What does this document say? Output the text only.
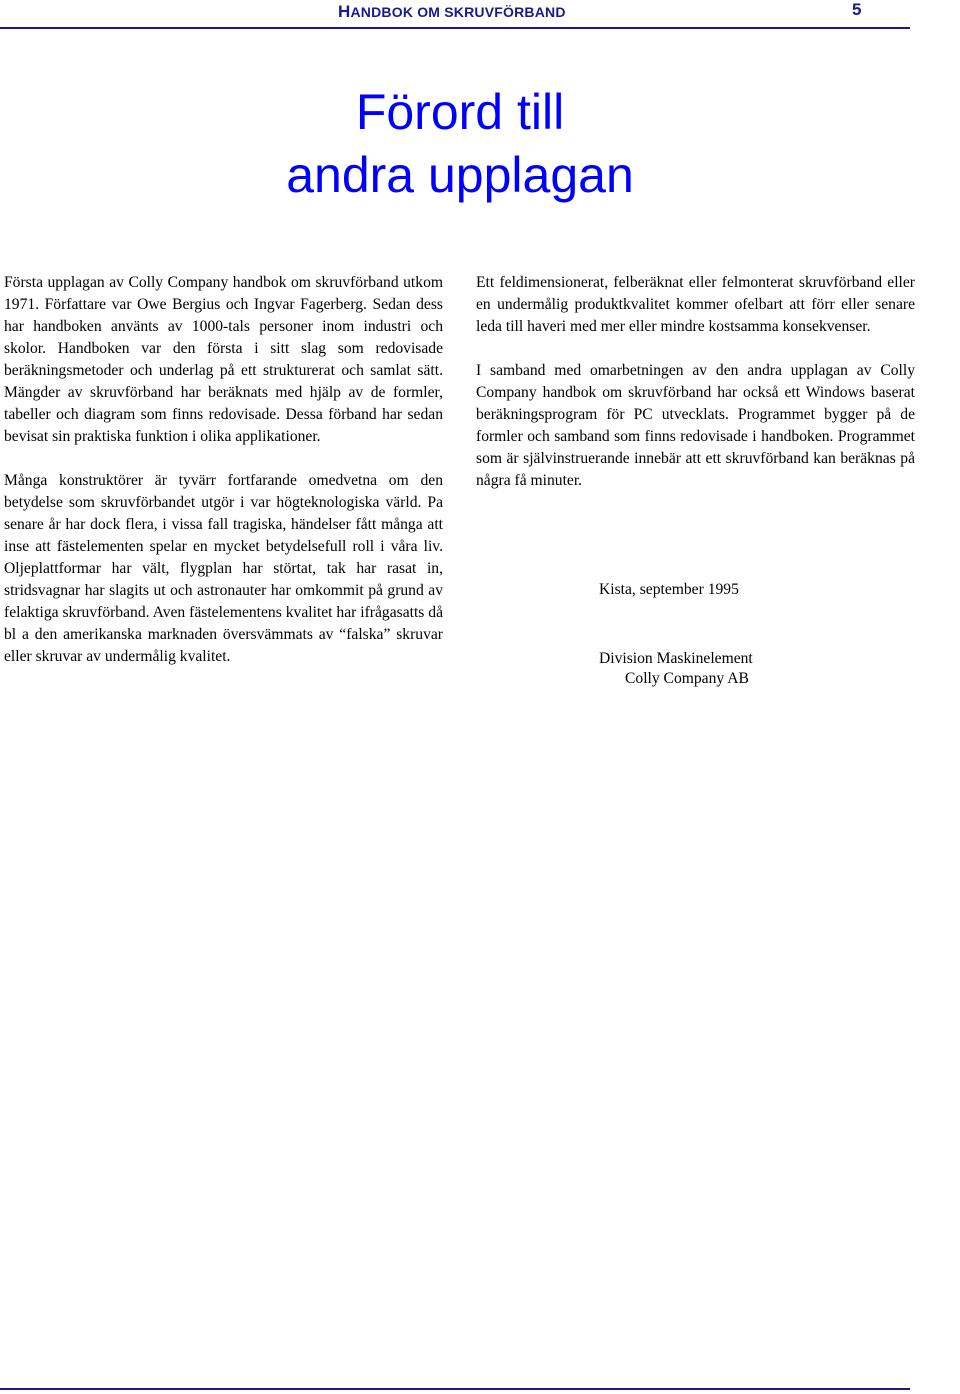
HANDBOK OM SKRUVFÖRBAND	5
Förord till
andra upplagan

Första upplagan av Colly Company handbok om skruvförband utkom 1971. Författare var Owe Bergius och Ingvar Fagerberg. Sedan dess har handboken använts av 1000-tals personer inom industri och skolor. Handboken var den första i sitt slag som redovisade beräkningsmetoder och underlag på ett strukturerat och samlat sätt. Mängder av skruvförband har beräknats med hjälp av de formler, tabeller och diagram som finns redovisade. Dessa förband har sedan bevisat sin praktiska funktion i olika applikationer.

Många konstruktörer är tyvärr fortfarande omedvetna om den betydelse som skruvförbandet utgör i var högteknologiska värld. Pa senare år har dock flera, i vissa fall tragiska, händelser fått många att inse att fästelementen spelar en mycket betydelsefull roll i våra liv. Oljeplattformar har vält, flygplan har störtat, tak har rasat in, stridsvagnar har slagits ut och astronauter har omkommit på grund av felaktiga skruvförband. Aven fästelementens kvalitet har ifrågasatts då bl a den amerikanska marknaden översvämmats av “falska” skruvar eller skruvar av undermålig kvalitet.

Ett feldimensionerat, felberäknat eller felmonterat skruvförband eller en undermålig produktkvalitet kommer ofelbart att förr eller senare leda till haveri med mer eller mindre kostsamma konsekvenser.

I samband med omarbetningen av den andra upplagan av Colly Company handbok om skruvförband har också ett Windows baserat beräkningsprogram för PC utvecklats. Programmet bygger på de formler och samband som finns redovisade i handboken. Programmet som är självinstruerande innebär att ett skruvförband kan beräknas på några få minuter.

Kista, september 1995
Division Maskinelement
Colly Company AB
